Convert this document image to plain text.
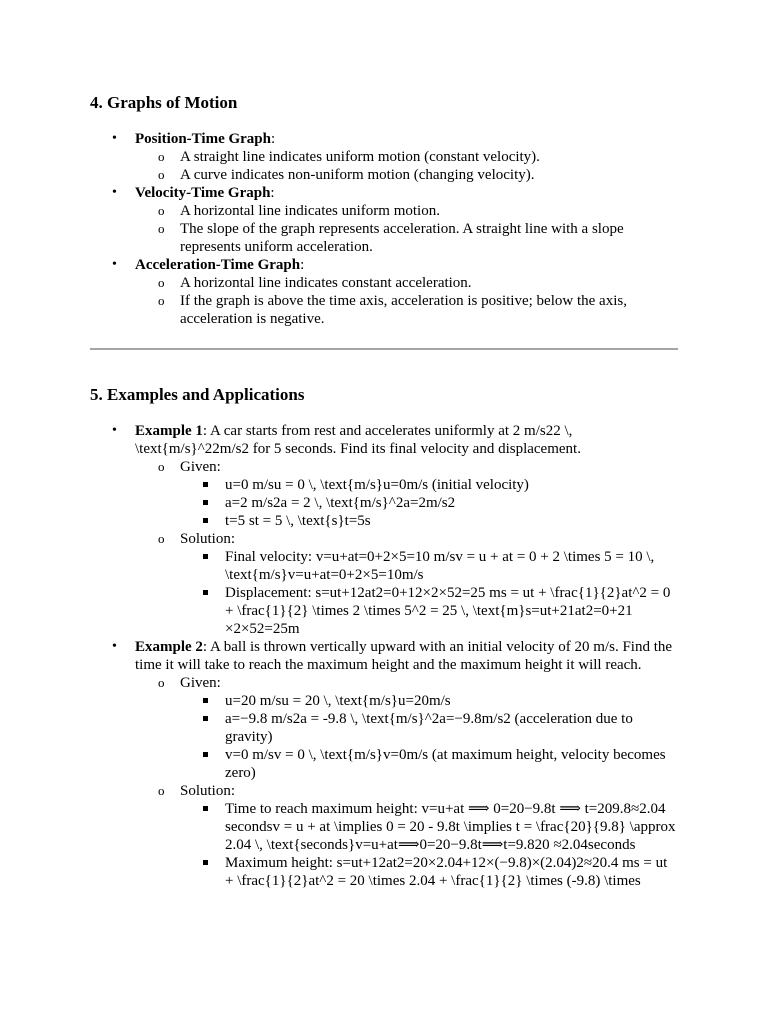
4. Graphs of Motion
• Position-Time Graph:
o A straight line indicates uniform motion (constant velocity).
o A curve indicates non-uniform motion (changing velocity).
• Velocity-Time Graph:
o A horizontal line indicates uniform motion.
o The slope of the graph represents acceleration. A straight line with a slope represents uniform acceleration.
• Acceleration-Time Graph:
o A horizontal line indicates constant acceleration.
o If the graph is above the time axis, acceleration is positive; below the axis, acceleration is negative.
5. Examples and Applications
• Example 1: A car starts from rest and accelerates uniformly at 2 m/s22 \, \text{m/s}^22m/s2 for 5 seconds. Find its final velocity and displacement.
o Given:
u=0 m/su = 0 \, \text{m/s}u=0m/s (initial velocity)
a=2 m/s2a = 2 \, \text{m/s}^2a=2m/s2
t=5 st = 5 \, \text{s}t=5s
o Solution:
Final velocity: v=u+at=0+2×5=10 m/sv = u + at = 0 + 2 \times 5 = 10 \, \text{m/s}v=u+at=0+2×5=10m/s
Displacement: s=ut+12at2=0+12×2×52=25 ms = ut + \frac{1}{2}at^2 = 0 + \frac{1}{2} \times 2 \times 5^2 = 25 \, \text{m}s=ut+21at2=0+21 ×2×52=25m
• Example 2: A ball is thrown vertically upward with an initial velocity of 20 m/s. Find the time it will take to reach the maximum height and the maximum height it will reach.
o Given:
u=20 m/su = 20 \, \text{m/s}u=20m/s
a=−9.8 m/s2a = -9.8 \, \text{m/s}^2a=−9.8m/s2 (acceleration due to gravity)
v=0 m/sv = 0 \, \text{m/s}v=0m/s (at maximum height, velocity becomes zero)
o Solution:
Time to reach maximum height: v=u+at ⟹ 0=20−9.8t ⟹ t=209.8≈2.04 secondsv = u + at \implies 0 = 20 - 9.8t \implies t = \frac{20}{9.8} \approx 2.04 \, \text{seconds}v=u+at⟹0=20−9.8t⟹t=9.820 ≈2.04seconds
Maximum height: s=ut+12at2=20×2.04+12×(−9.8)×(2.04)2≈20.4 ms = ut + \frac{1}{2}at^2 = 20 \times 2.04 + \frac{1}{2} \times (-9.8) \times
